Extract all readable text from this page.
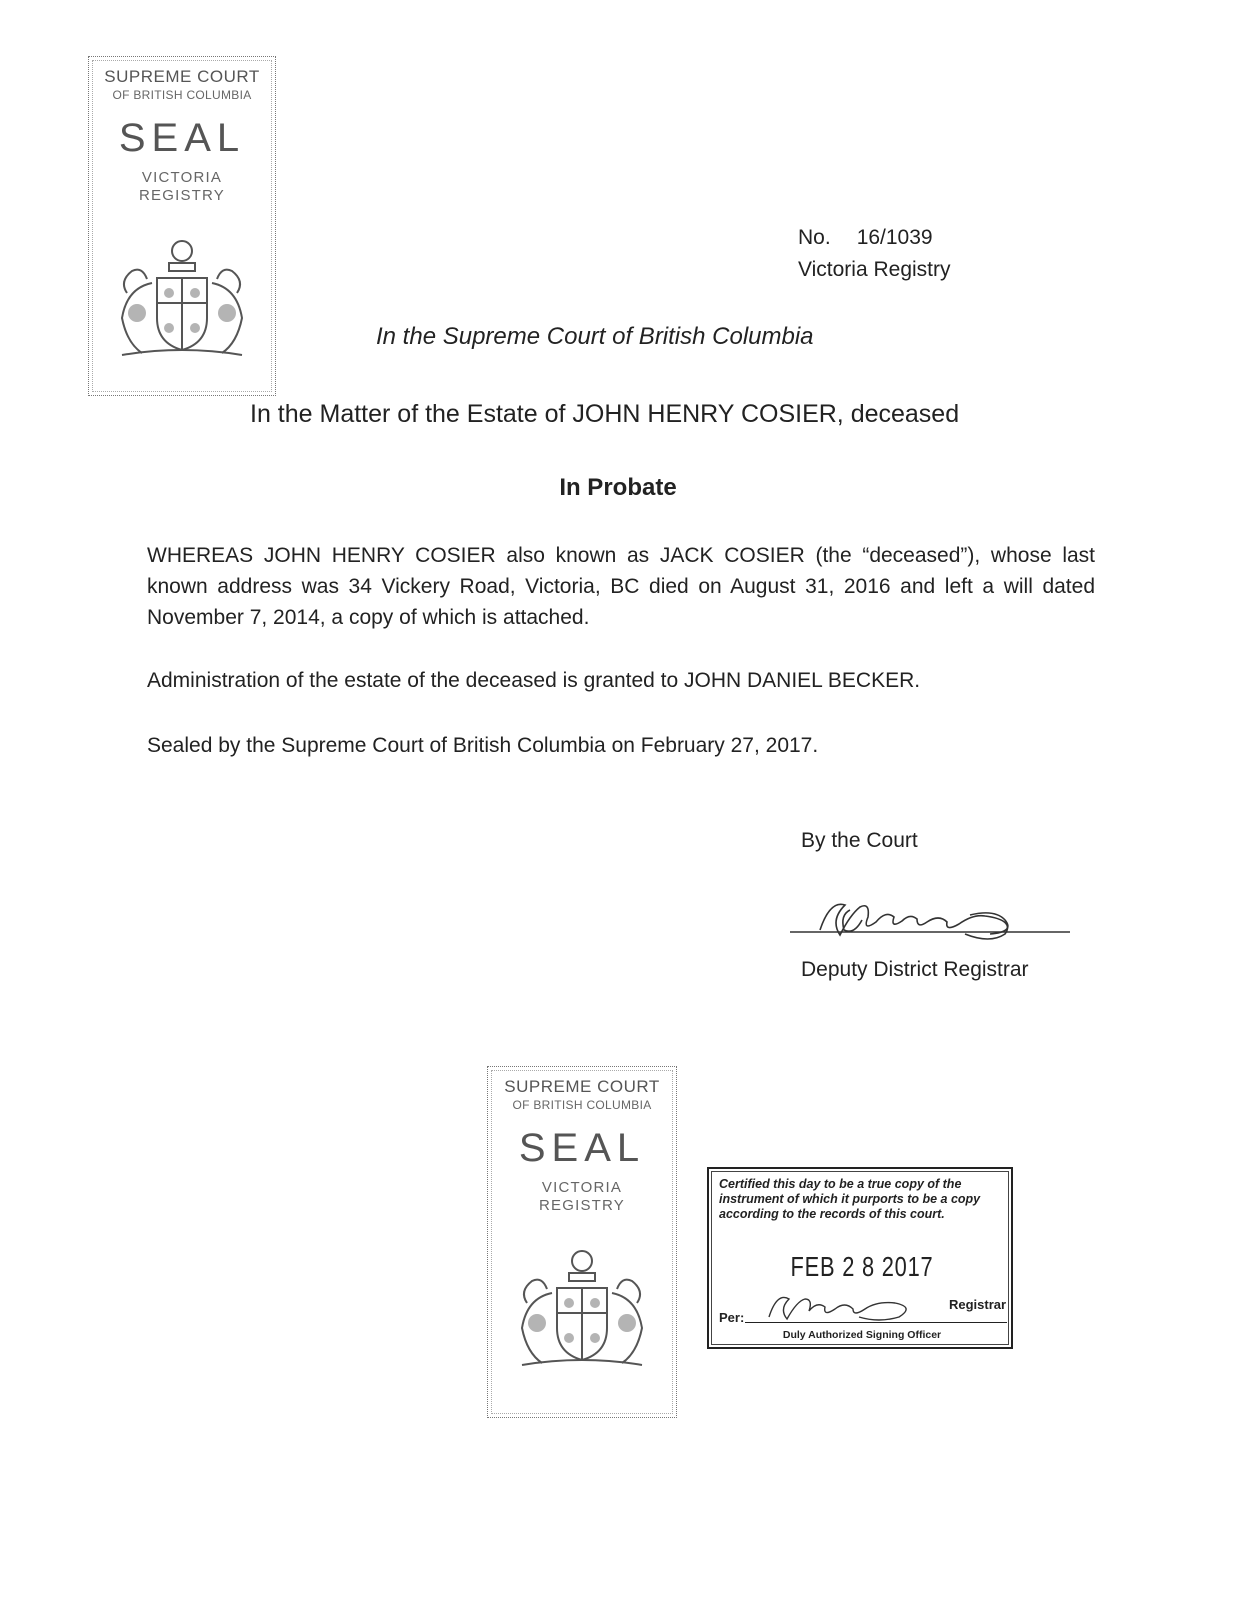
SUPREME COURT
OF BRITISH COLUMBIA
SEAL
VICTORIA
REGISTRY
No. 16/1039
Victoria Registry
In the Supreme Court of British Columbia
In the Matter of the Estate of JOHN HENRY COSIER, deceased
In Probate
WHEREAS JOHN HENRY COSIER also known as JACK COSIER (the “deceased”), whose last known address was 34 Vickery Road, Victoria, BC died on August 31, 2016 and left a will dated November 7, 2014, a copy of which is attached.
Administration of the estate of the deceased is granted to JOHN DANIEL BECKER.
Sealed by the Supreme Court of British Columbia on February 27, 2017.
By the Court
Deputy District Registrar
SUPREME COURT
OF BRITISH COLUMBIA
SEAL
VICTORIA
REGISTRY
Certified this day to be a true copy of the instrument of which it purports to be a copy according to the records of this court.
FEB 2 8 2017
Registrar
Per:
Duly Authorized Signing Officer
